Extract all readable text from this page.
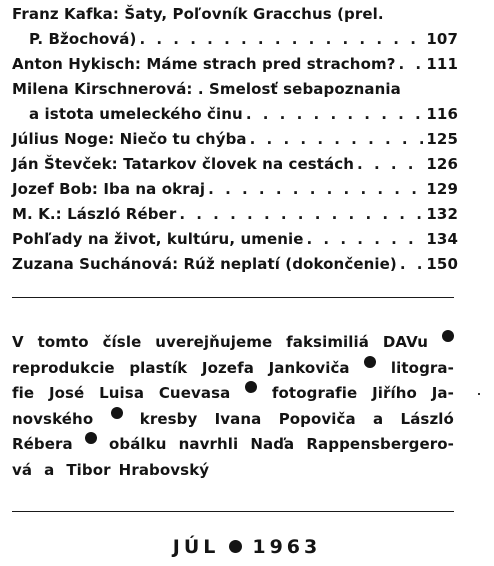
Franz Kafka: Šaty, Poľovník Gracchus (prel.
P. Bžochová) . . .	107
Anton Hykisch: Máme strach pred strachom? . . . 111
Milena Kirschnerová: . Smelosť sebapoznania
a istota umeleckého činu . . .	116
Július Noge: Niečo tu chýba . . .	125
Ján Števček: Tatarkov človek na cestách . . .	126
Jozef Bob: Iba na okraj . . .	129
M. K.: László Réber . . .	132
Pohľady na život, kultúru, umenie . . .	134
Zuzana Suchánová: Rúž neplatí (dokončenie) . . . 150
V tomto čísle uverejňujeme faksimiliá DAVu
reprodukcie plastík Jozefa Jankoviča	litogra-
fie José Luisa Cuevasa	fotografie Jiřího Ja-
novského	kresby Ivana Popoviča a László
Rébera obálku navrhli Naďa Rappensbergero-
vá a Tibor Hrabovský
JÚL 1963
